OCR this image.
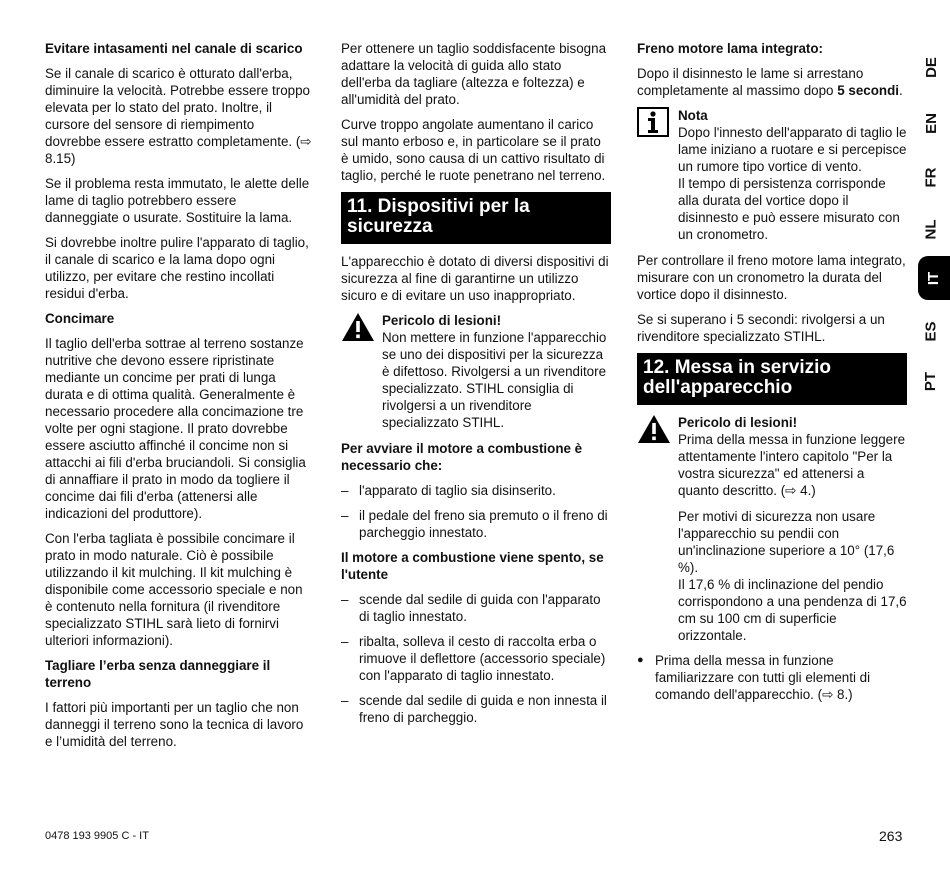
Evitare intasamenti nel canale di scarico

Se il canale di scarico è otturato dall'erba, diminuire la velocità. Potrebbe essere troppo elevata per lo stato del prato. Inoltre, il cursore del sensore di riempimento dovrebbe essere estratto completamente. (⇨ 8.15)

Se il problema resta immutato, le alette delle lame di taglio potrebbero essere danneggiate o usurate. Sostituire la lama.

Si dovrebbe inoltre pulire l'apparato di taglio, il canale di scarico e la lama dopo ogni utilizzo, per evitare che restino incollati residui d'erba.

Concimare

Il taglio dell'erba sottrae al terreno sostanze nutritive che devono essere ripristinate mediante un concime per prati di lunga durata e di ottima qualità. Generalmente è necessario procedere alla concimazione tre volte per ogni stagione. Il prato dovrebbe essere asciutto affinché il concime non si attacchi ai fili d'erba bruciandoli. Si consiglia di annaffiare il prato in modo da togliere il concime dai fili d'erba (attenersi alle indicazioni del produttore).

Con l'erba tagliata è possibile concimare il prato in modo naturale. Ciò è possibile utilizzando il kit mulching. Il kit mulching è disponibile come accessorio speciale e non è contenuto nella fornitura (il rivenditore specializzato STIHL sarà lieto di fornirvi ulteriori informazioni).

Tagliare l’erba senza danneggiare il terreno

I fattori più importanti per un taglio che non danneggi il terreno sono la tecnica di lavoro e l’umidità del terreno.

Per ottenere un taglio soddisfacente bisogna adattare la velocità di guida allo stato dell'erba da tagliare (altezza e foltezza) e all'umidità del prato.

Curve troppo angolate aumentano il carico sul manto erboso e, in particolare se il prato è umido, sono causa di un cattivo risultato di taglio, perché le ruote penetrano nel terreno.

11. Dispositivi per la sicurezza

L'apparecchio è dotato di diversi dispositivi di sicurezza al fine di garantirne un utilizzo sicuro e di evitare un uso inappropriato.

Pericolo di lesioni!
Non mettere in funzione l'apparecchio se uno dei dispositivi per la sicurezza è difettoso. Rivolgersi a un rivenditore specializzato. STIHL consiglia di rivolgersi a un rivenditore specializzato STIHL.
Per avviare il motore a combustione è necessario che:
– l'apparato di taglio sia disinserito.
– il pedale del freno sia premuto o il freno di parcheggio innestato.
Il motore a combustione viene spento, se l'utente
– scende dal sedile di guida con l'apparato di taglio innestato.
– ribalta, solleva il cesto di raccolta erba o rimuove il deflettore (accessorio speciale) con l'apparato di taglio innestato.
– scende dal sedile di guida e non innesta il freno di parcheggio.
Freno motore lama integrato:

Dopo il disinnesto le lame si arrestano completamente al massimo dopo 5 secondi.

Nota
Dopo l'innesto dell'apparato di taglio le lame iniziano a ruotare e si percepisce un rumore tipo vortice di vento.
Il tempo di persistenza corrisponde alla durata del vortice dopo il disinnesto e può essere misurato con un cronometro.

Per controllare il freno motore lama integrato, misurare con un cronometro la durata del vortice dopo il disinnesto.

Se si superano i 5 secondi: rivolgersi a un rivenditore specializzato STIHL.

12. Messa in servizio dell'apparecchio
Pericolo di lesioni!
Prima della messa in funzione leggere attentamente l'intero capitolo "Per la vostra sicurezza" ed attenersi a quanto descritto. (⇨ 4.)

Per motivi di sicurezza non usare l'apparecchio su pendii con un'inclinazione superiore a 10° (17,6 %).

Il 17,6 % di inclinazione del pendio corrispondono a una pendenza di 17,6 cm su 100 cm di superficie orizzontale.

● Prima della messa in funzione familiarizzare con tutti gli elementi di comando dell'apparecchio. (⇨ 8.)
DE
EN
FR
NL
IT
ES
PT
0478 193 9905 C - IT	263
